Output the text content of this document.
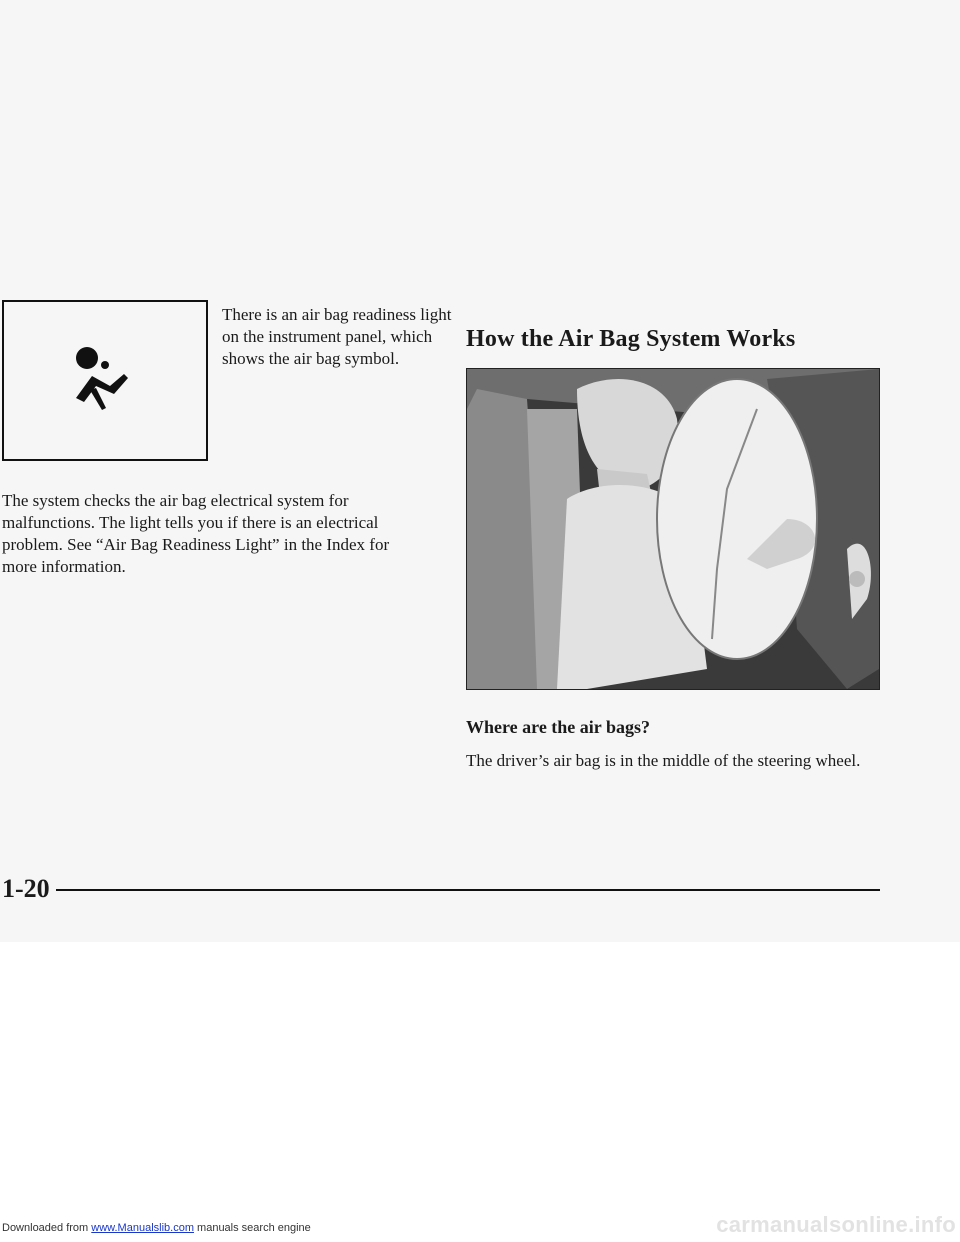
There is an air bag readiness light on the instrument panel, which shows the air bag symbol.

The system checks the air bag electrical system for malfunctions. The light tells you if there is an electrical problem. See “Air Bag Readiness Light” in the Index for more information.

How the Air Bag System Works
Where are the air bags?

The driver’s air bag is in the middle of the steering wheel.

1-20

Downloaded from www.Manualslib.com manuals search engine	carmanualsonline.info
